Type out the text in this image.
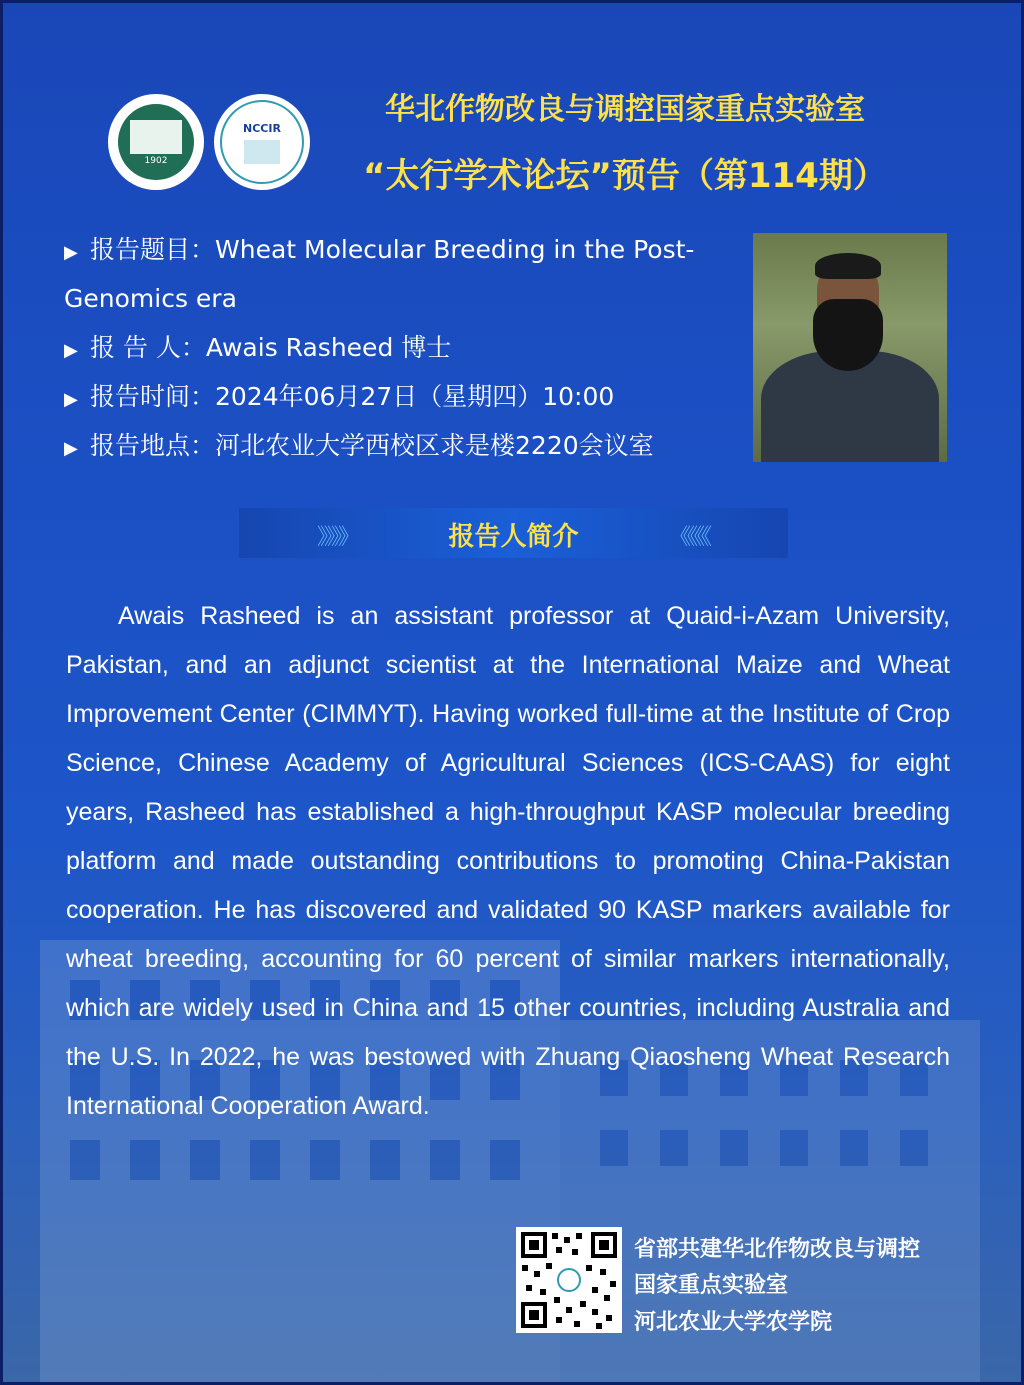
1902
NCCIR
华北作物改良与调控国家重点实验室
“太行学术论坛”预告（第114期）
▶ 报告题目：Wheat Molecular Breeding in the Post-
Genomics era
▶ 报 告 人：Awais Rasheed 博士
▶ 报告时间：2024年06月27日（星期四）10:00
▶ 报告地点：河北农业大学西校区求是楼2220会议室
》》》》	报告人简介	《《《《
Awais Rasheed is an assistant professor at Quaid-i-Azam University, Pakistan, and an adjunct scientist at the International Maize and Wheat Improvement Center (CIMMYT). Having worked full-time at the Institute of Crop Science, Chinese Academy of Agricultural Sciences (ICS-CAAS) for eight years, Rasheed has established a high-throughput KASP molecular breeding platform and made outstanding contributions to promoting China-Pakistan cooperation. He has discovered and validated 90 KASP markers available for wheat breeding, accounting for 60 percent of similar markers internationally, which are widely used in China and 15 other countries, including Australia and the U.S. In 2022, he was bestowed with Zhuang Qiaosheng Wheat Research International Cooperation Award.
省部共建华北作物改良与调控
国家重点实验室
河北农业大学农学院
